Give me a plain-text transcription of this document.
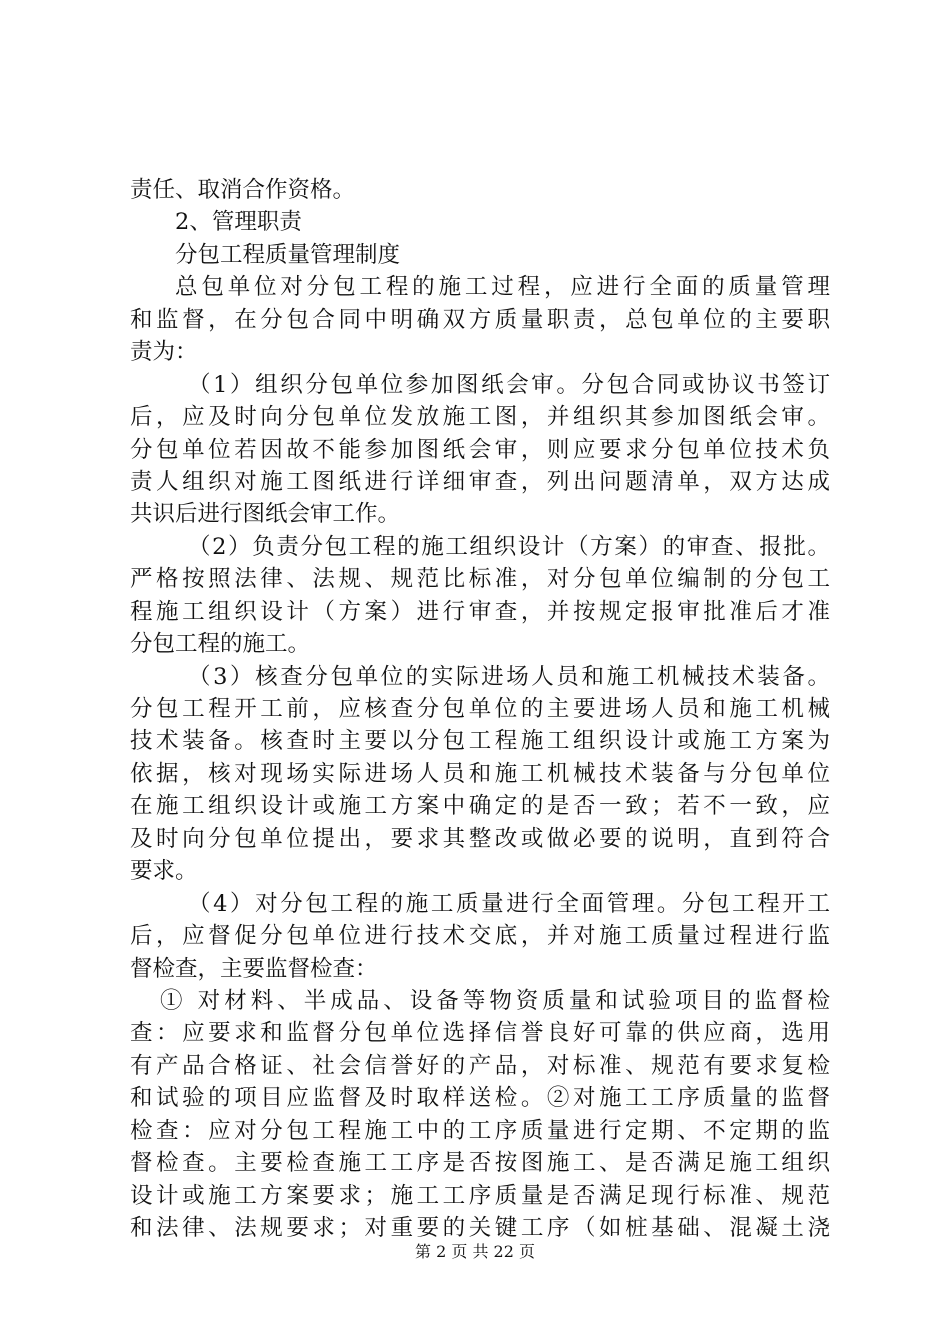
责任、取消合作资格。
2、管理职责
分包工程质量管理制度
总包单位对分包工程的施工过程，应进行全面的质量管理
和监督，在分包合同中明确双方质量职责，总包单位的主要职
责为：
（1）组织分包单位参加图纸会审。分包合同或协议书签订
后，应及时向分包单位发放施工图，并组织其参加图纸会审。
分包单位若因故不能参加图纸会审，则应要求分包单位技术负
责人组织对施工图纸进行详细审查，列出问题清单，双方达成
共识后进行图纸会审工作。
（2）负责分包工程的施工组织设计（方案）的审查、报批。
严格按照法律、法规、规范比标准，对分包单位编制的分包工
程施工组织设计（方案）进行审查，并按规定报审批准后才准
分包工程的施工。
（3）核查分包单位的实际进场人员和施工机械技术装备。
分包工程开工前，应核查分包单位的主要进场人员和施工机械
技术装备。核查时主要以分包工程施工组织设计或施工方案为
依据，核对现场实际进场人员和施工机械技术装备与分包单位
在施工组织设计或施工方案中确定的是否一致；若不一致，应
及时向分包单位提出，要求其整改或做必要的说明，直到符合
要求。
（4）对分包工程的施工质量进行全面管理。分包工程开工
后，应督促分包单位进行技术交底，并对施工质量过程进行监
督检查，主要监督检查：
① 对材料、半成品、设备等物资质量和试验项目的监督检
查：应要求和监督分包单位选择信誉良好可靠的供应商，选用
有产品合格证、社会信誉好的产品，对标准、规范有要求复检
和试验的项目应监督及时取样送检。②对施工工序质量的监督
检查：应对分包工程施工中的工序质量进行定期、不定期的监
督检查。主要检查施工工序是否按图施工、是否满足施工组织
设计或施工方案要求；施工工序质量是否满足现行标准、规范
和法律、法规要求；对重要的关键工序（如桩基础、混凝土浇
第 2 页 共 22 页
